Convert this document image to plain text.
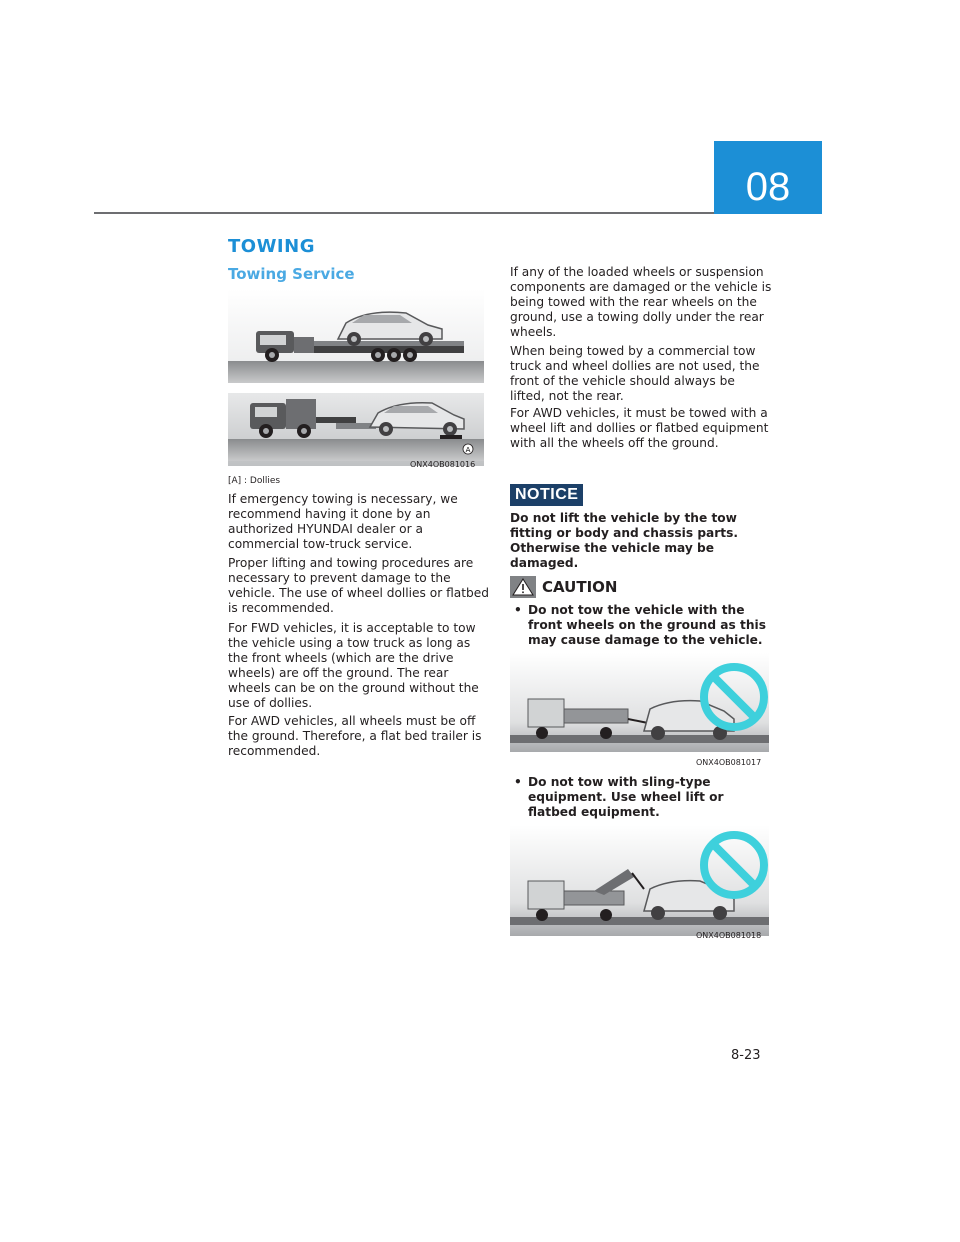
08
TOWING
Towing Service
A
ONX4OB081016
[A] : Dollies

If emergency towing is necessary, we recommend having it done by an authorized HYUNDAI dealer or a commercial tow-truck service.

Proper lifting and towing procedures are necessary to prevent damage to the vehicle. The use of wheel dollies or flatbed is recommended.

For FWD vehicles, it is acceptable to tow the vehicle using a tow truck as long as the front wheels (which are the drive wheels) are off the ground. The rear wheels can be on the ground without the use of dollies.

For AWD vehicles, all wheels must be off the ground. Therefore, a flat bed trailer is recommended.

If any of the loaded wheels or suspension components are damaged or the vehicle is being towed with the rear wheels on the ground, use a towing dolly under the rear wheels.

When being towed by a commercial tow truck and wheel dollies are not used, the front of the vehicle should always be lifted, not the rear.

For AWD vehicles, it must be towed with a wheel lift and dollies or flatbed equipment with all the wheels off the ground.

NOTICE

Do not lift the vehicle by the tow fitting or body and chassis parts. Otherwise the vehicle may be damaged.

CAUTION
• Do not tow the vehicle with the front wheels on the ground as this may cause damage to the vehicle.
ONX4OB081017
• Do not tow with sling-type equipment. Use wheel lift or flatbed equipment.
ONX4OB081018
8-23
